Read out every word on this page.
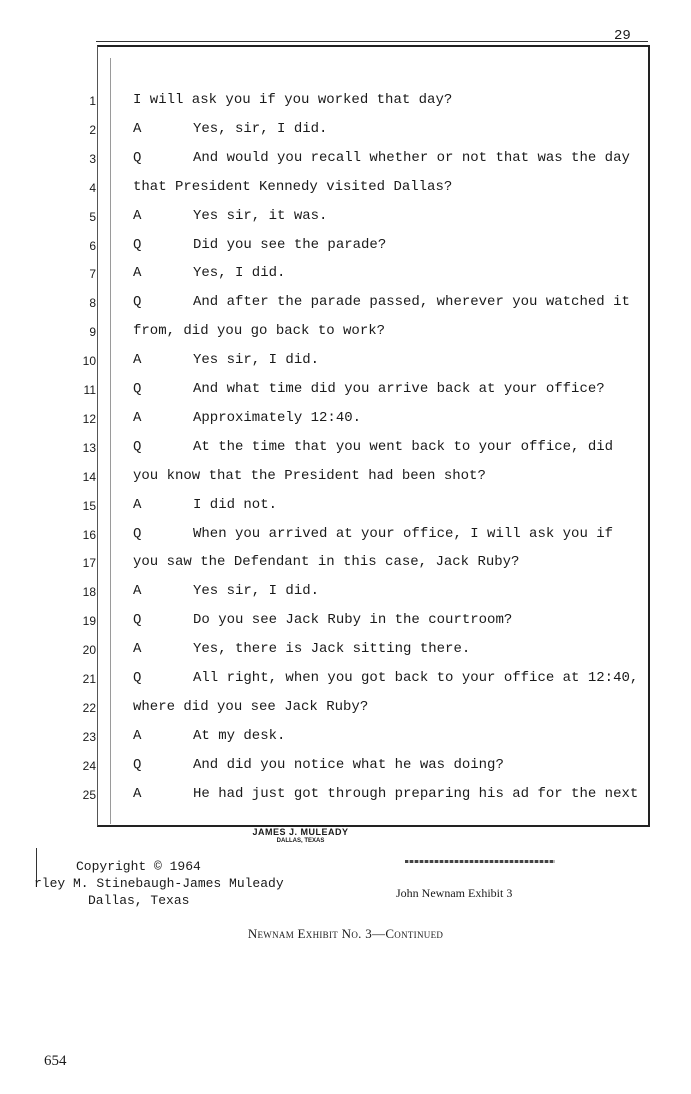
29
1	I will ask you if you worked that day?
2	A	Yes, sir, I did.
3	Q	And would you recall whether or not that was the day
4	that President Kennedy visited Dallas?
5	A	Yes sir, it was.
6	Q	Did you see the parade?
7	A	Yes, I did.
8	Q	And after the parade passed, wherever you watched it
9	from, did you go back to work?
10	A	Yes sir, I did.
11	Q	And what time did you arrive back at your office?
12	A	Approximately 12:40.
13	Q	At the time that you went back to your office, did
14	you know that the President had been shot?
15	A	I did not.
16	Q	When you arrived at your office, I will ask you if
17	you saw the Defendant in this case, Jack Ruby?
18	A	Yes sir, I did.
19	Q	Do you see Jack Ruby in the courtroom?
20	A	Yes, there is Jack sitting there.
21	Q	All right, when you got back to your office at 12:40,
22	where did you see Jack Ruby?
23	A	At my desk.
24	Q	And did you notice what he was doing?
25	A	He had just got through preparing his ad for the next
JAMES J. MULEADY
DALLAS, TEXAS
Copyright © 1964
rley M. Stinebaugh-James Muleady
Dallas, Texas	John Newnam Exhibit 3
Newnam Exhibit No. 3—Continued
654
